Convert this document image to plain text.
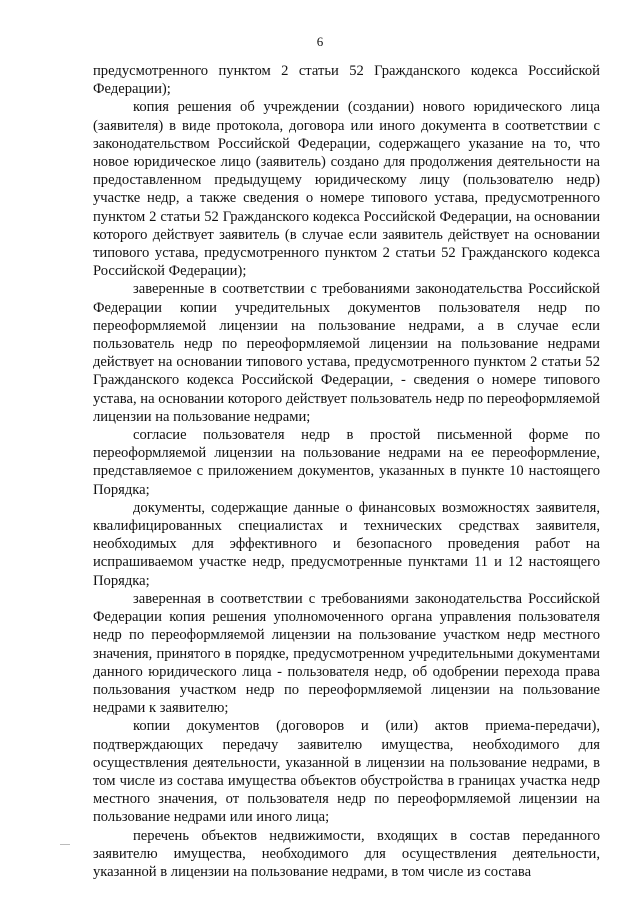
6

предусмотренного пунктом 2 статьи 52 Гражданского кодекса Российской Федерации);

копия решения об учреждении (создании) нового юридического лица (заявителя) в виде протокола, договора или иного документа в соответствии с законодательством Российской Федерации, содержащего указание на то, что новое юридическое лицо (заявитель) создано для продолжения деятельности на предоставленном предыдущему юридическому лицу (пользователю недр) участке недр, а также сведения о номере типового устава, предусмотренного пунктом 2 статьи 52 Гражданского кодекса Российской Федерации, на основании которого действует заявитель (в случае если заявитель действует на основании типового устава, предусмотренного пунктом 2 статьи 52 Гражданского кодекса Российской Федерации);

заверенные в соответствии с требованиями законодательства Российской Федерации копии учредительных документов пользователя недр по переоформляемой лицензии на пользование недрами, а в случае если пользователь недр по переоформляемой лицензии на пользование недрами действует на основании типового устава, предусмотренного пунктом 2 статьи 52 Гражданского кодекса Российской Федерации, - сведения о номере типового устава, на основании которого действует пользователь недр по переоформляемой лицензии на пользование недрами;

согласие пользователя недр в простой письменной форме по переоформляемой лицензии на пользование недрами на ее переоформление, представляемое с приложением документов, указанных в пункте 10 настоящего Порядка;

документы, содержащие данные о финансовых возможностях заявителя, квалифицированных специалистах и технических средствах заявителя, необходимых для эффективного и безопасного проведения работ на испрашиваемом участке недр, предусмотренные пунктами 11 и 12 настоящего Порядка;

заверенная в соответствии с требованиями законодательства Российской Федерации копия решения уполномоченного органа управления пользователя недр по переоформляемой лицензии на пользование участком недр местного значения, принятого в порядке, предусмотренном учредительными документами данного юридического лица - пользователя недр, об одобрении перехода права пользования участком недр по переоформляемой лицензии на пользование недрами к заявителю;

копии документов (договоров и (или) актов приема-передачи), подтверждающих передачу заявителю имущества, необходимого для осуществления деятельности, указанной в лицензии на пользование недрами, в том числе из состава имущества объектов обустройства в границах участка недр местного значения, от пользователя недр по переоформляемой лицензии на пользование недрами или иного лица;

перечень объектов недвижимости, входящих в состав переданного заявителю имущества, необходимого для осуществления деятельности, указанной в лицензии на пользование недрами, в том числе из состава
